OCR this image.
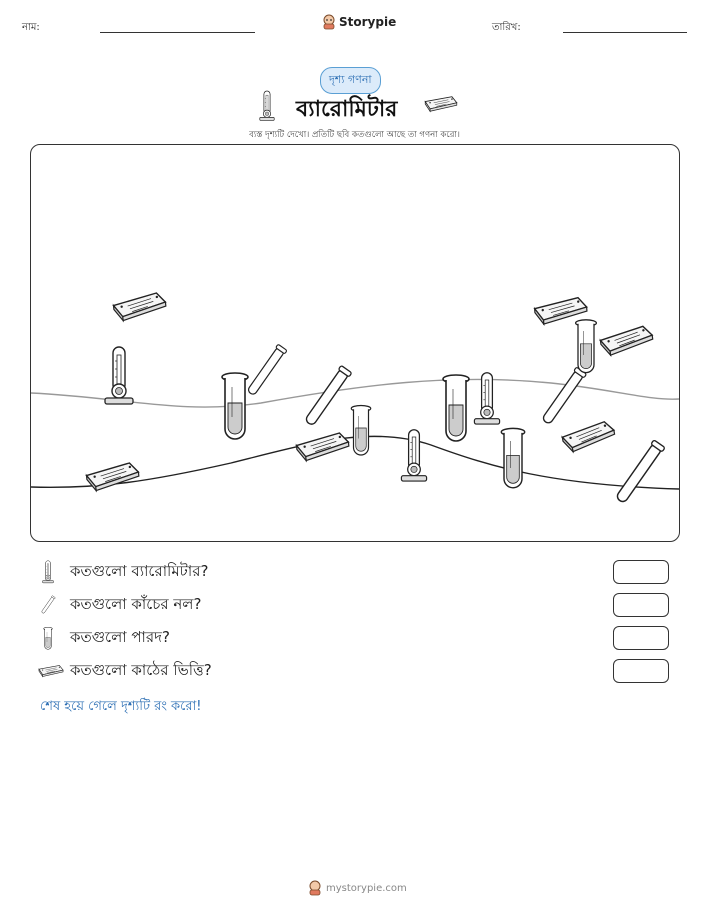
নাম:	Storypie	তারিখ:
দৃশ্য গণনা
ব্যারোমিটার
ব্যস্ত দৃশ্যটি দেখো। প্রতিটি ছবি কতগুলো আছে তা গণনা করো।
কতগুলো ব্যারোমিটার?
কতগুলো কাঁচের নল?
কতগুলো পারদ?
কতগুলো কাঠের ভিত্তি?
শেষ হয়ে গেলে দৃশ্যটি রং করো!
mystorypie.com
